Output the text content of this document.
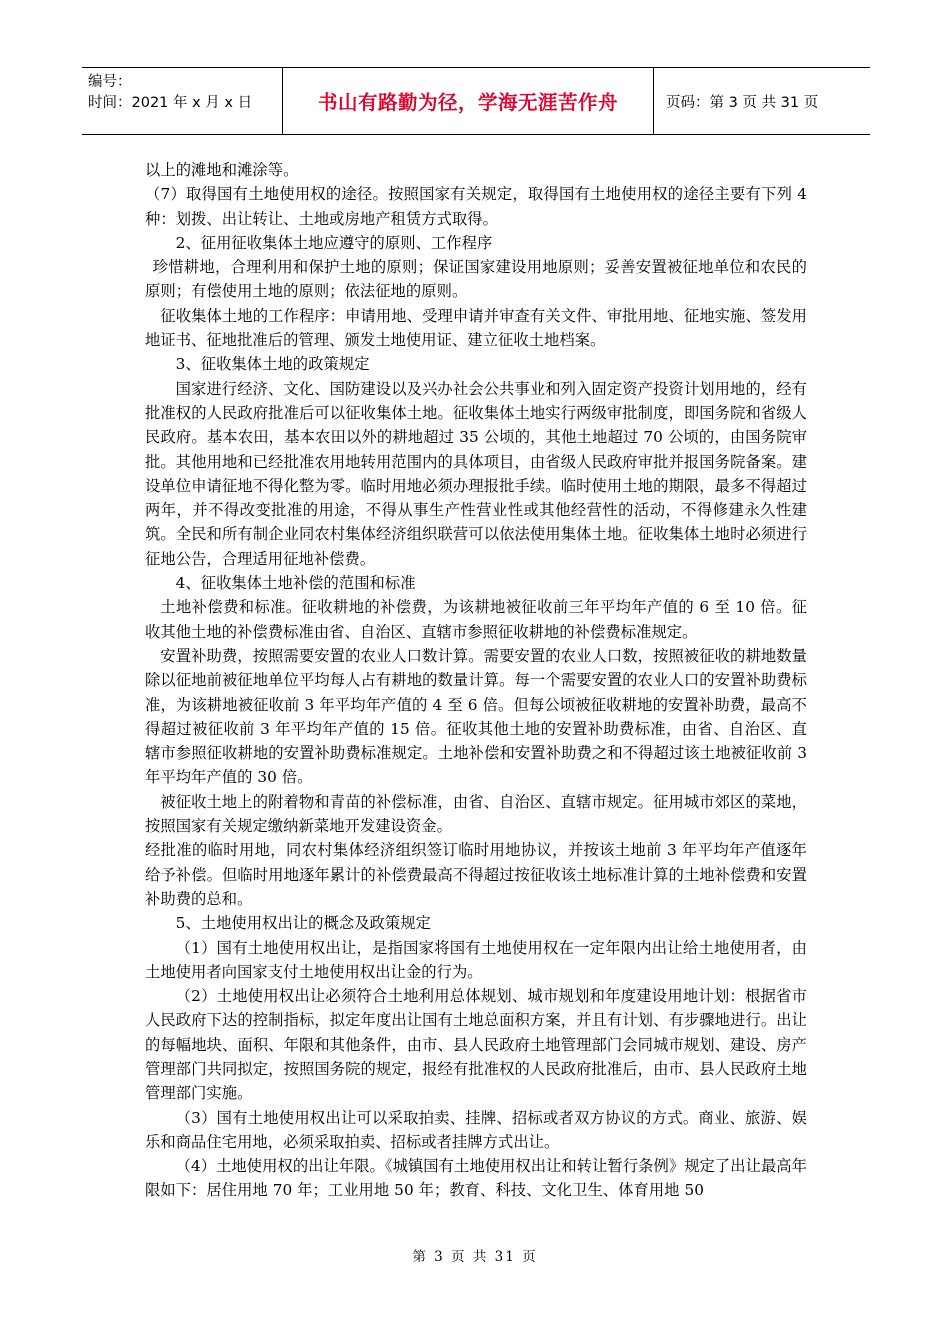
编号：
时间：2021 年 x 月 x 日	书山有路勤为径，学海无涯苦作舟	页码：第 3 页 共 31 页

以上的滩地和滩涂等。

（7）取得国有土地使用权的途径。按照国家有关规定，取得国有土地使用权的途径主要有下列 4 种：划拨、出让转让、土地或房地产租赁方式取得。

2、征用征收集体土地应遵守的原则、工作程序

珍惜耕地，合理利用和保护土地的原则；保证国家建设用地原则；妥善安置被征地单位和农民的原则；有偿使用土地的原则；依法征地的原则。

征收集体土地的工作程序：申请用地、受理申请并审查有关文件、审批用地、征地实施、签发用地证书、征地批准后的管理、颁发土地使用证、建立征收土地档案。

3、征收集体土地的政策规定

国家进行经济、文化、国防建设以及兴办社会公共事业和列入固定资产投资计划用地的，经有批准权的人民政府批准后可以征收集体土地。征收集体土地实行两级审批制度，即国务院和省级人民政府。基本农田，基本农田以外的耕地超过 35 公顷的，其他土地超过 70 公顷的，由国务院审批。其他用地和已经批准农用地转用范围内的具体项目，由省级人民政府审批并报国务院备案。建设单位申请征地不得化整为零。临时用地必须办理报批手续。临时使用土地的期限，最多不得超过两年，并不得改变批准的用途，不得从事生产性营业性或其他经营性的活动，不得修建永久性建筑。全民和所有制企业同农村集体经济组织联营可以依法使用集体土地。征收集体土地时必须进行征地公告，合理适用征地补偿费。

4、征收集体土地补偿的范围和标准

土地补偿费和标准。征收耕地的补偿费，为该耕地被征收前三年平均年产值的 6 至 10 倍。征收其他土地的补偿费标准由省、自治区、直辖市参照征收耕地的补偿费标准规定。

安置补助费，按照需要安置的农业人口数计算。需要安置的农业人口数，按照被征收的耕地数量除以征地前被征地单位平均每人占有耕地的数量计算。每一个需要安置的农业人口的安置补助费标准，为该耕地被征收前 3 年平均年产值的 4 至 6 倍。但每公顷被征收耕地的安置补助费，最高不得超过被征收前 3 年平均年产值的 15 倍。征收其他土地的安置补助费标准，由省、自治区、直辖市参照征收耕地的安置补助费标准规定。土地补偿和安置补助费之和不得超过该土地被征收前 3 年平均年产值的 30 倍。

被征收土地上的附着物和青苗的补偿标准，由省、自治区、直辖市规定。征用城市郊区的菜地，按照国家有关规定缴纳新菜地开发建设资金。

经批准的临时用地，同农村集体经济组织签订临时用地协议，并按该土地前 3 年平均年产值逐年给予补偿。但临时用地逐年累计的补偿费最高不得超过按征收该土地标准计算的土地补偿费和安置补助费的总和。

5、土地使用权出让的概念及政策规定

（1）国有土地使用权出让，是指国家将国有土地使用权在一定年限内出让给土地使用者，由土地使用者向国家支付土地使用权出让金的行为。

（2）土地使用权出让必须符合土地利用总体规划、城市规划和年度建设用地计划：根据省市人民政府下达的控制指标，拟定年度出让国有土地总面积方案，并且有计划、有步骤地进行。出让的每幅地块、面积、年限和其他条件，由市、县人民政府土地管理部门会同城市规划、建设、房产管理部门共同拟定，按照国务院的规定，报经有批准权的人民政府批准后，由市、县人民政府土地管理部门实施。

（3）国有土地使用权出让可以采取拍卖、挂牌、招标或者双方协议的方式。商业、旅游、娱乐和商品住宅用地，必须采取拍卖、招标或者挂牌方式出让。

（4）土地使用权的出让年限。《城镇国有土地使用权出让和转让暂行条例》规定了出让最高年限如下：居住用地 70 年；工业用地 50 年；教育、科技、文化卫生、体育用地 50

第 3 页 共 31 页
